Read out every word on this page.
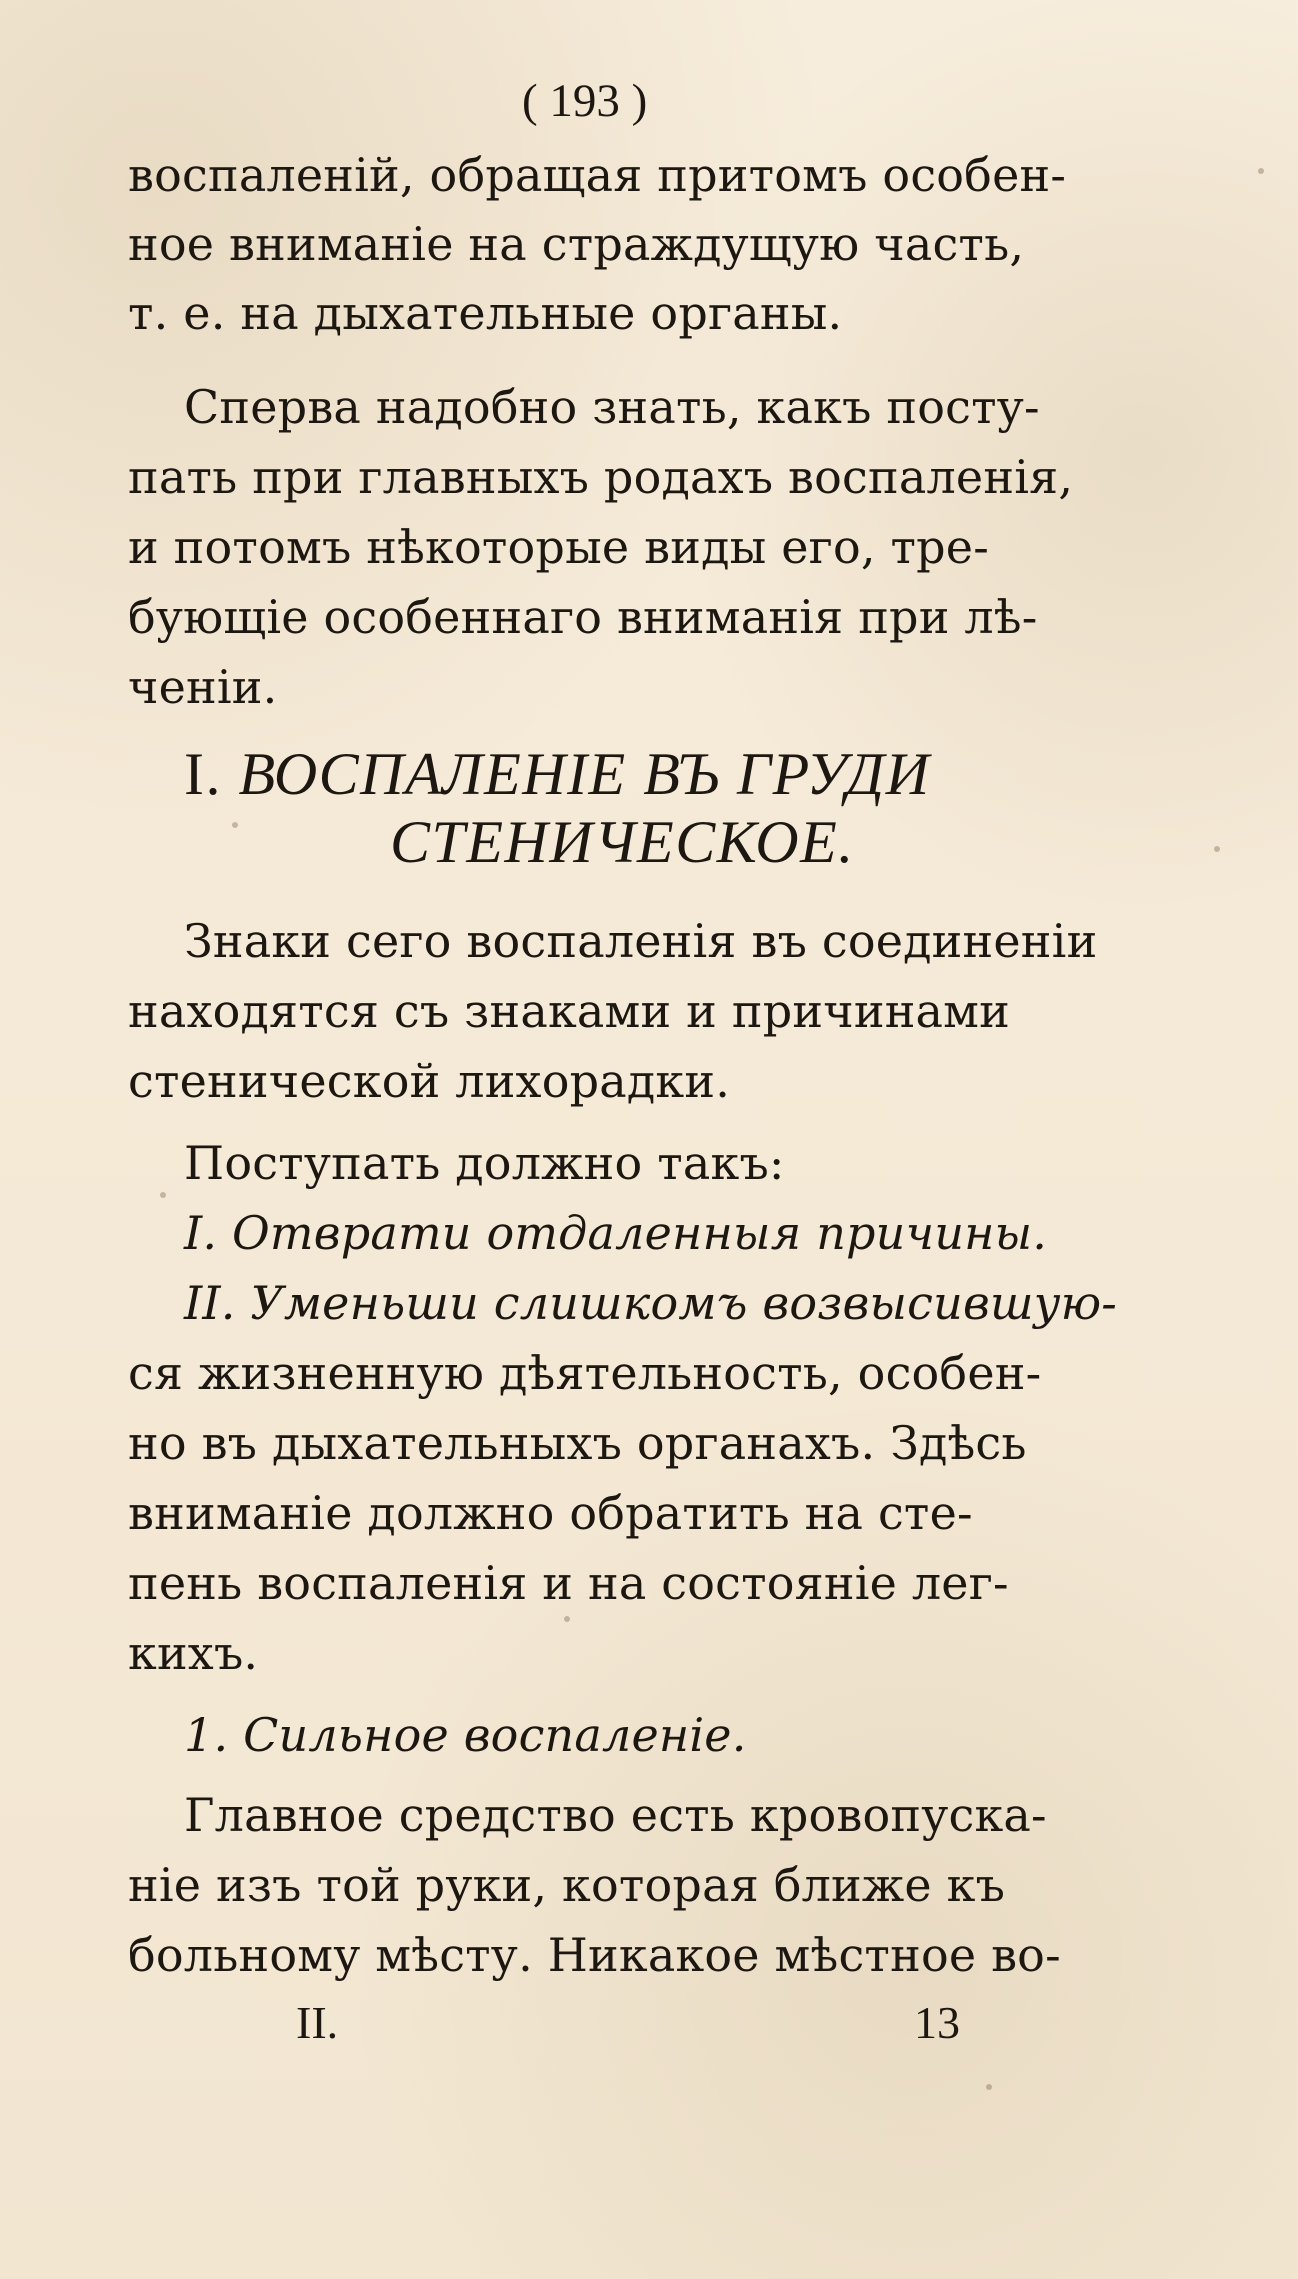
( 193 )
воспаленiй, обращая притомъ особен-
ное вниманiе на страждущую часть,
т. е. на дыхательные органы.
Сперва надобно знать, какъ посту-
пать при главныхъ родахъ воспаленiя,
и потомъ нѣкоторые виды его, тре-
бующiе особеннаго вниманiя при лѣ-
ченiи.
I. ВОСПАЛЕНIЕ ВЪ ГРУДИ
СТЕНИЧЕСКОЕ.
Знаки сего воспаленiя въ соединенiи
находятся съ знаками и причинами
стенической лихорадки.
Поступать должно такъ:
I. Отврати отдаленныя причины.
II. Уменьши слишкомъ возвысившую-
ся жизненную дѣятельность, особен-
но въ дыхательныхъ органахъ. Здѣсь
вниманiе должно обратить на сте-
пень воспаленiя и на состоянiе лег-
кихъ.
1. Сильное воспаленiе.
Главное средство есть кровопуска-
нiе изъ той руки, которая ближе къ
больному мѣсту. Никакое мѣстное во-
II.	13
